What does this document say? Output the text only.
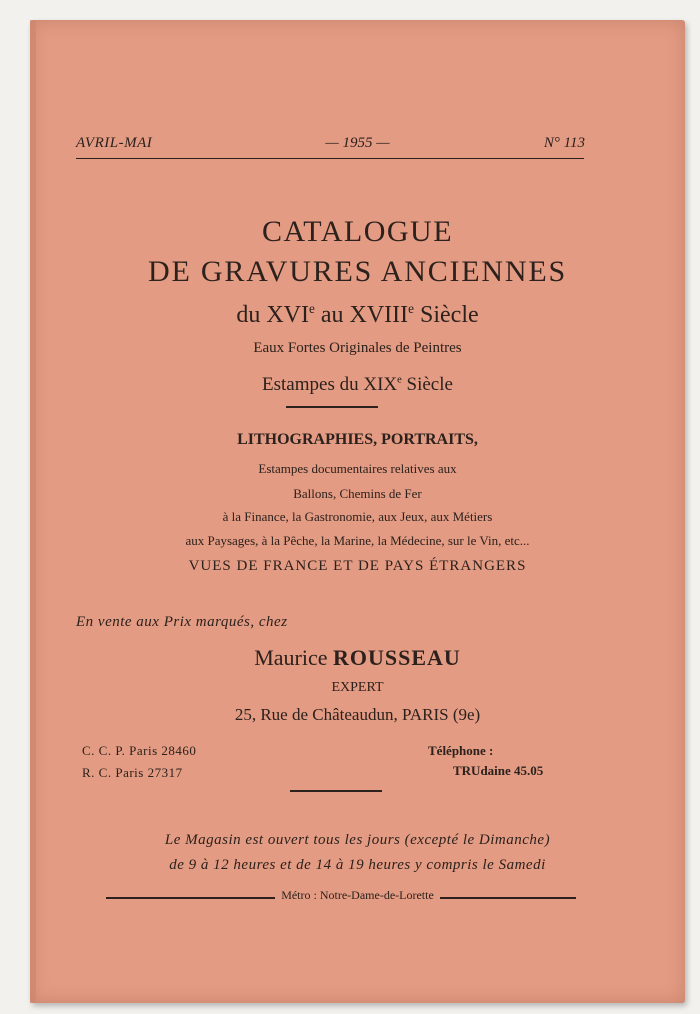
AVRIL-MAI	— 1955 —	N° 113
CATALOGUE
DE GRAVURES ANCIENNES
du XVIe au XVIIIe Siècle
Eaux Fortes Originales de Peintres
Estampes du XIXe Siècle
LITHOGRAPHIES, PORTRAITS,
Estampes documentaires relatives aux
Ballons, Chemins de Fer
à la Finance, la Gastronomie, aux Jeux, aux Métiers
aux Paysages, à la Pêche, la Marine, la Médecine, sur le Vin, etc...
VUES DE FRANCE ET DE PAYS ÉTRANGERS
En vente aux Prix marqués, chez
Maurice ROUSSEAU
EXPERT
25, Rue de Châteaudun, PARIS (9e)
C. C. P. Paris 28460
R. C. Paris 27317
Téléphone :
TRUdaine 45.05
Le Magasin est ouvert tous les jours (excepté le Dimanche)
de 9 à 12 heures et de 14 à 19 heures y compris le Samedi
Métro : Notre-Dame-de-Lorette
